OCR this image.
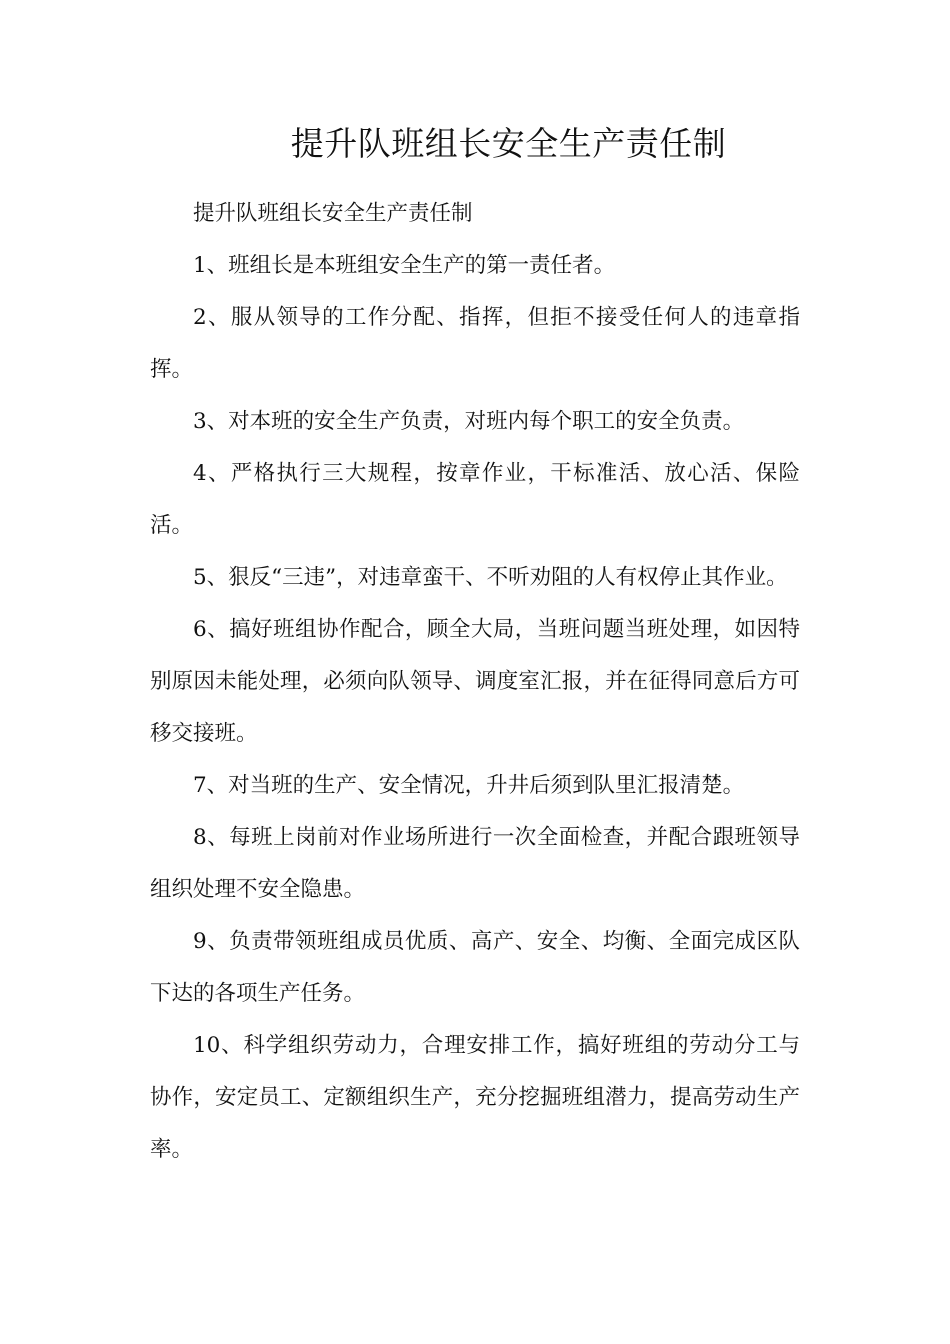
提升队班组长安全生产责任制

提升队班组长安全生产责任制

1、班组长是本班组安全生产的第一责任者。

2、服从领导的工作分配、指挥，但拒不接受任何人的违章指挥。

3、对本班的安全生产负责，对班内每个职工的安全负责。

4、严格执行三大规程，按章作业，干标准活、放心活、保险活。

5、狠反“三违”，对违章蛮干、不听劝阻的人有权停止其作业。

6、搞好班组协作配合，顾全大局，当班问题当班处理，如因特别原因未能处理，必须向队领导、调度室汇报，并在征得同意后方可移交接班。

7、对当班的生产、安全情况，升井后须到队里汇报清楚。

8、每班上岗前对作业场所进行一次全面检查，并配合跟班领导组织处理不安全隐患。

9、负责带领班组成员优质、高产、安全、均衡、全面完成区队下达的各项生产任务。

10、科学组织劳动力，合理安排工作，搞好班组的劳动分工与协作，安定员工、定额组织生产，充分挖掘班组潜力，提高劳动生产率。
